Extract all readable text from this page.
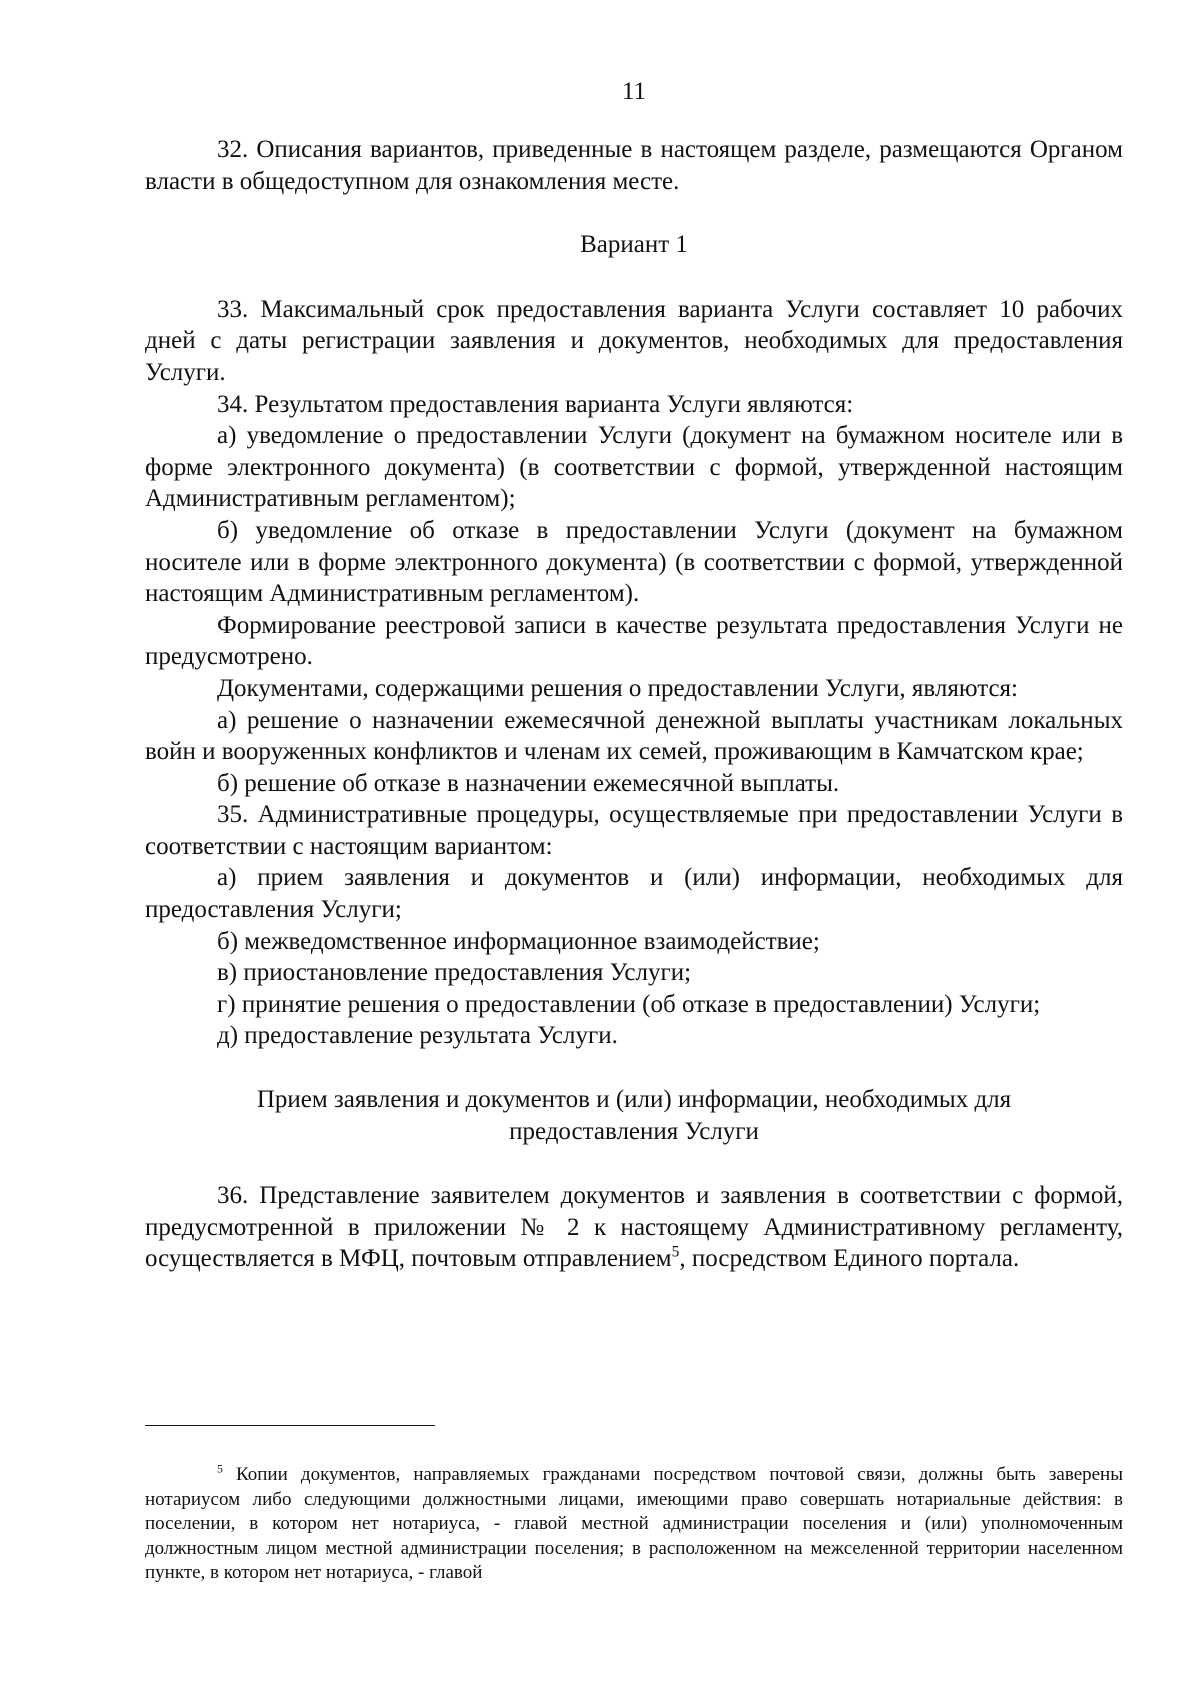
11

32. Описания вариантов, приведенные в настоящем разделе, размещаются Органом власти в общедоступном для ознакомления месте.

Вариант 1

33. Максимальный срок предоставления варианта Услуги составляет 10 рабочих дней с даты регистрации заявления и документов, необходимых для предоставления Услуги.

34. Результатом предоставления варианта Услуги являются:

а) уведомление о предоставлении Услуги (документ на бумажном носителе или в форме электронного документа) (в соответствии с формой, утвержденной настоящим Административным регламентом);

б) уведомление об отказе в предоставлении Услуги (документ на бумажном носителе или в форме электронного документа) (в соответствии с формой, утвержденной настоящим Административным регламентом).

Формирование реестровой записи в качестве результата предоставления Услуги не предусмотрено.

Документами, содержащими решения о предоставлении Услуги, являются:

а) решение о назначении ежемесячной денежной выплаты участникам локальных войн и вооруженных конфликтов и членам их семей, проживающим в Камчатском крае;

б) решение об отказе в назначении ежемесячной выплаты.

35. Административные процедуры, осуществляемые при предоставлении Услуги в соответствии с настоящим вариантом:

а) прием заявления и документов и (или) информации, необходимых для предоставления Услуги;

б) межведомственное информационное взаимодействие;

в) приостановление предоставления Услуги;

г) принятие решения о предоставлении (об отказе в предоставлении) Услуги;

д) предоставление результата Услуги.

Прием заявления и документов и (или) информации, необходимых для предоставления Услуги

36. Представление заявителем документов и заявления в соответствии с формой, предусмотренной в приложении № 2 к настоящему Административному регламенту, осуществляется в МФЦ, почтовым отправлением$^5$, посредством Единого портала.

$^5$ Копии документов, направляемых гражданами посредством почтовой связи, должны быть заверены нотариусом либо следующими должностными лицами, имеющими право совершать нотариальные действия: в поселении, в котором нет нотариуса, - главой местной администрации поселения и (или) уполномоченным должностным лицом местной администрации поселения; в расположенном на межселенной территории населенном пункте, в котором нет нотариуса, - главой
